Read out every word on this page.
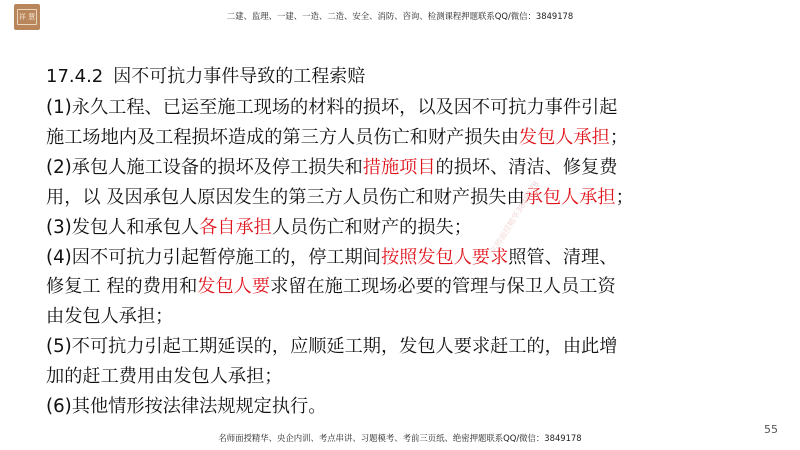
祥 慧	二建、监理、一建、一造、二造、安全、消防、咨询、检测课程押题联系QQ/微信：3849178
17.4.2 因不可抗力事件导致的工程索赔
(1)永久工程、已运至施工现场的材料的损坏，以及因不可抗力事件引起
施工场地内及工程损坏造成的第三方人员伤亡和财产损失由发包人承担；
(2)承包人施工设备的损坏及停工损失和措施项目的损坏、清洁、修复费
用，以 及因承包人原因发生的第三方人员伤亡和财产损失由承包人承担；
(3)发包人和承包人各自承担人员伤亡和财产的损失；
(4)因不可抗力引起暂停施工的，停工期间按照发包人要求照管、清理、
修复工 程的费用和发包人要求留在施工现场必要的管理与保卫人员工资
由发包人承担；
(5)不可抗力引起工期延误的，应顺延工期，发包人要求赶工的，由此增
加的赶工费用由发包人承担；
(6)其他情形按法律法规规定执行。
名师面授精华3849178
名师面授精华、央企内训、考点串讲、习题模考、考前三页纸、绝密押题联系QQ/微信：3849178
55
